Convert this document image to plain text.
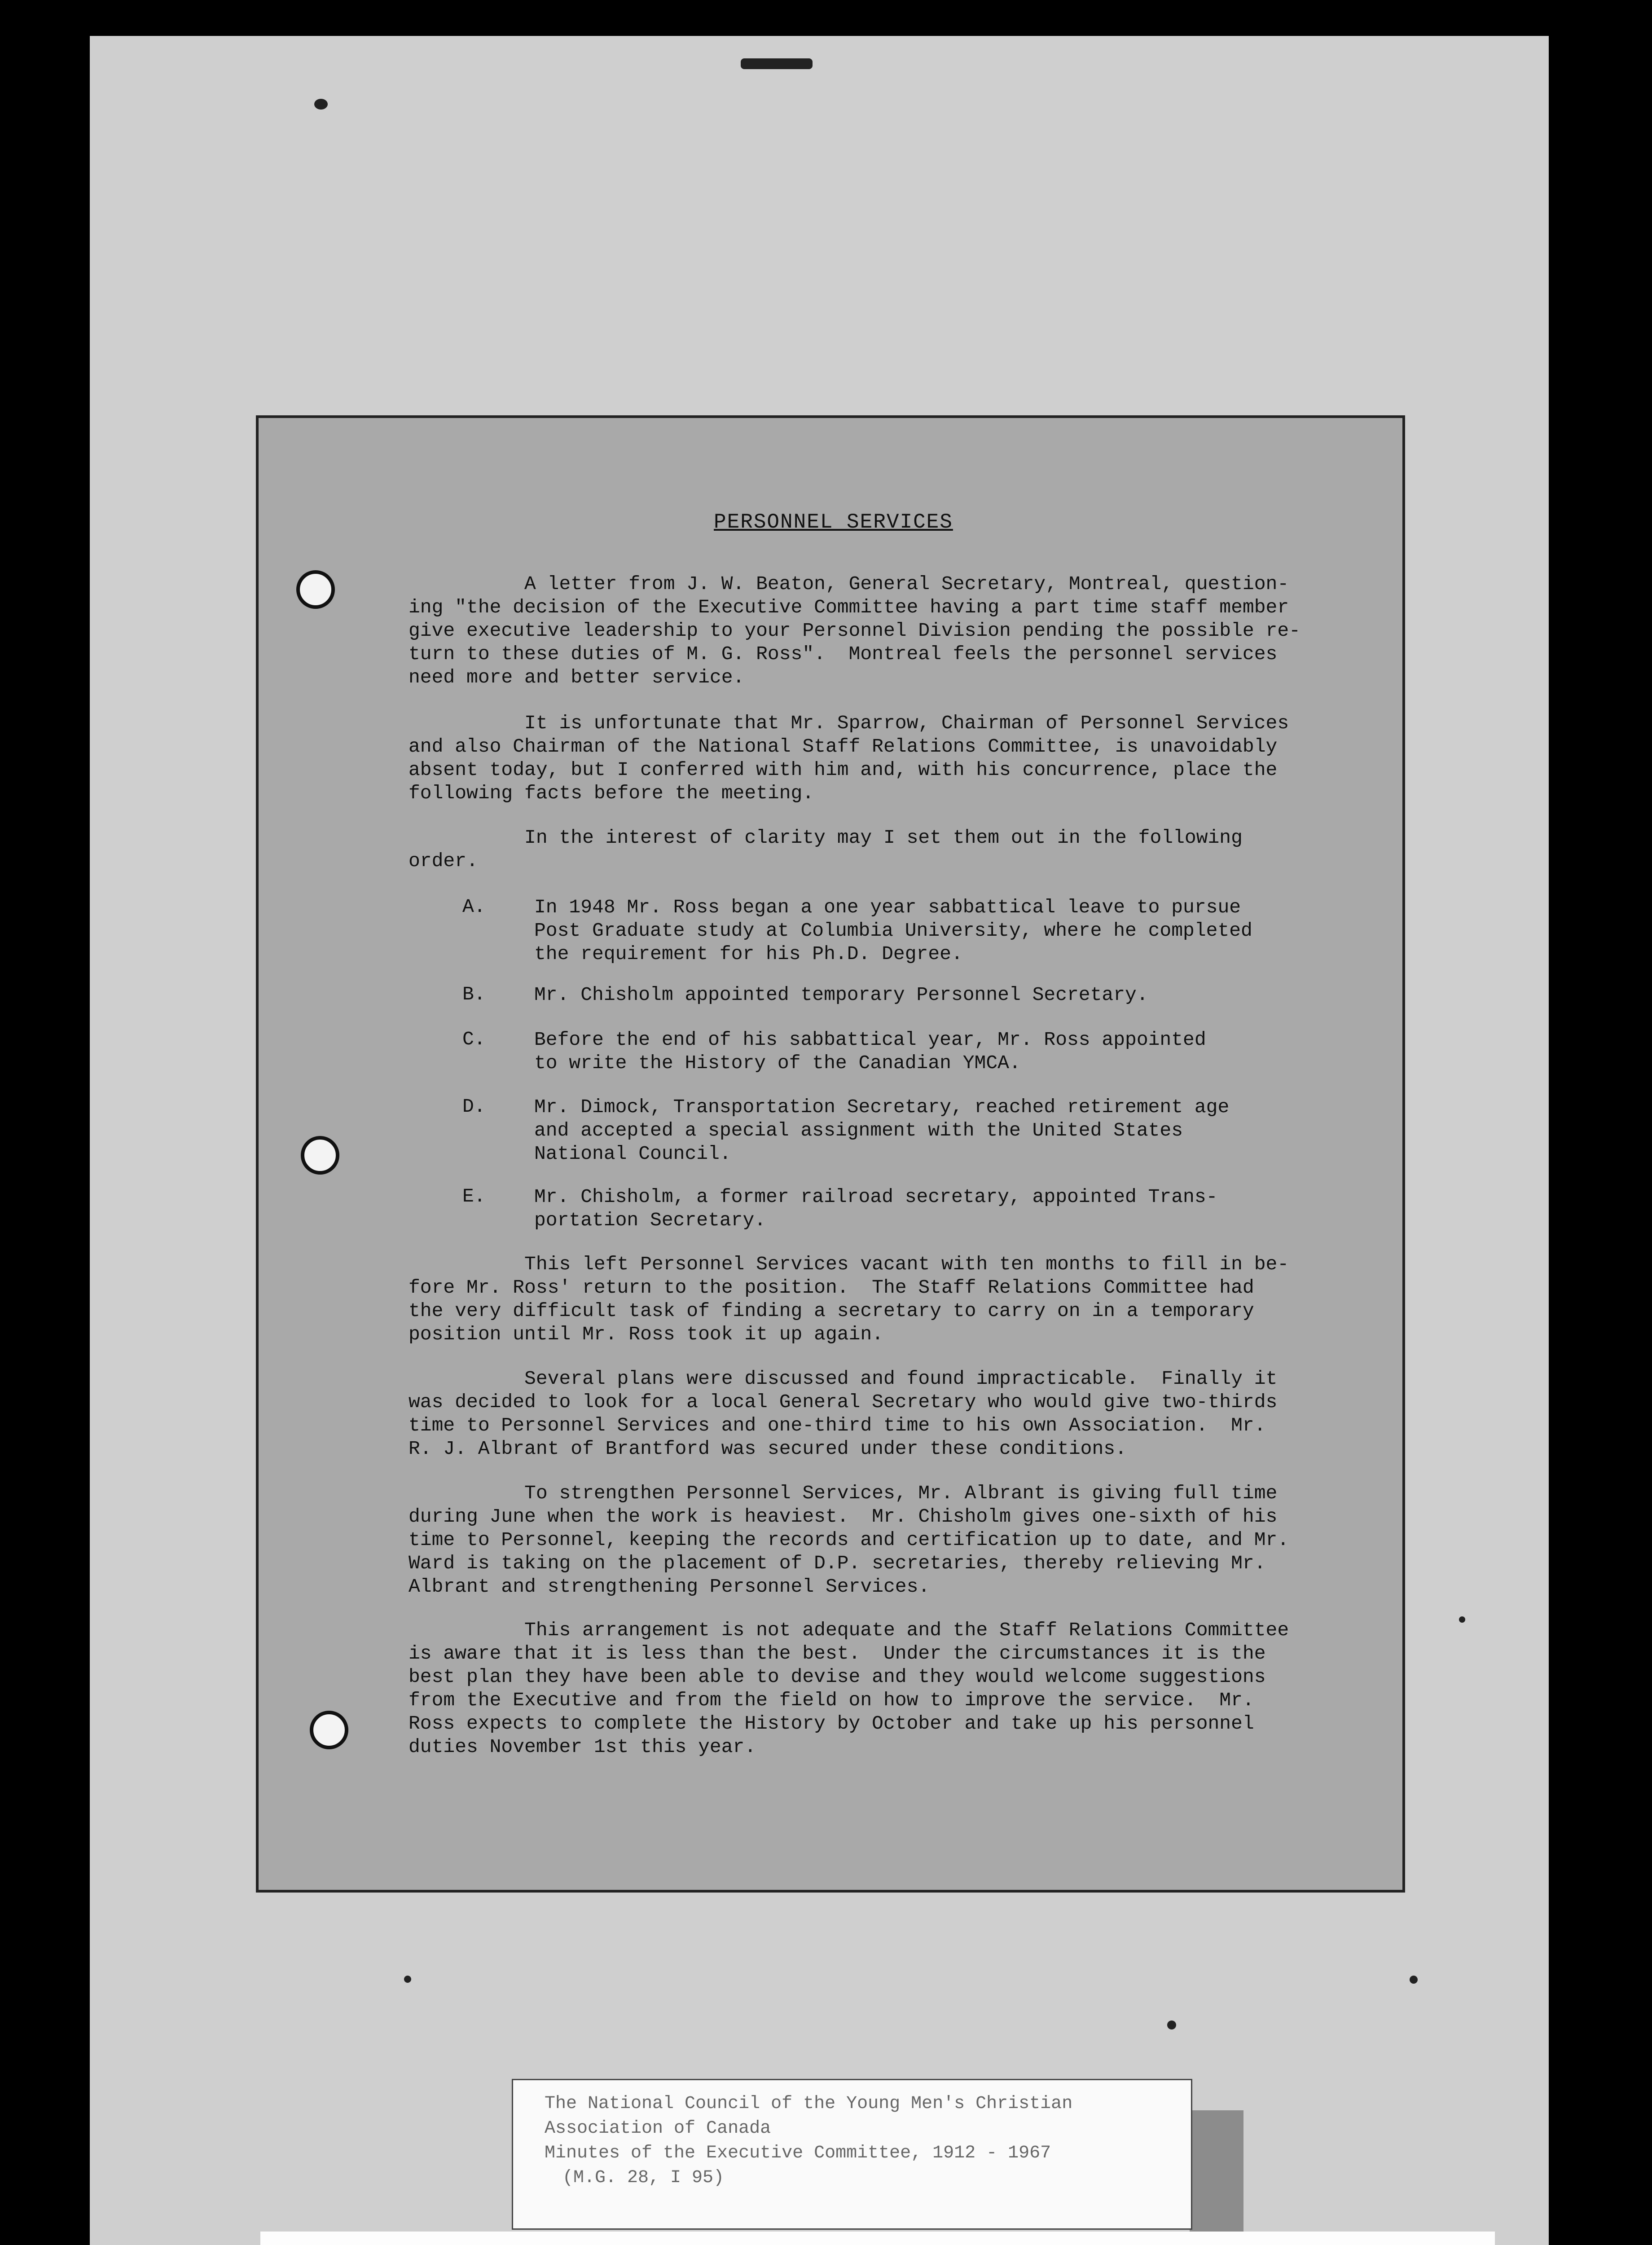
PERSONNEL SERVICES

A letter from J. W. Beaton, General Secretary, Montreal, question-
ing "the decision of the Executive Committee having a part time staff member
give executive leadership to your Personnel Division pending the possible re-
turn to these duties of M. G. Ross".  Montreal feels the personnel services
need more and better service.

It is unfortunate that Mr. Sparrow, Chairman of Personnel Services
and also Chairman of the National Staff Relations Committee, is unavoidably
absent today, but I conferred with him and, with his concurrence, place the
following facts before the meeting.

In the interest of clarity may I set them out in the following
order.

A.	In 1948 Mr. Ross began a one year sabbattical leave to pursue
Post Graduate study at Columbia University, where he completed
the requirement for his Ph.D. Degree.

B.	Mr. Chisholm appointed temporary Personnel Secretary.

C.	Before the end of his sabbattical year, Mr. Ross appointed
to write the History of the Canadian YMCA.

D.	Mr. Dimock, Transportation Secretary, reached retirement age
and accepted a special assignment with the United States
National Council.

E.	Mr. Chisholm, a former railroad secretary, appointed Trans-
portation Secretary.

This left Personnel Services vacant with ten months to fill in be-
fore Mr. Ross' return to the position.  The Staff Relations Committee had
the very difficult task of finding a secretary to carry on in a temporary
position until Mr. Ross took it up again.

Several plans were discussed and found impracticable.  Finally it
was decided to look for a local General Secretary who would give two-thirds
time to Personnel Services and one-third time to his own Association.  Mr.
R. J. Albrant of Brantford was secured under these conditions.

To strengthen Personnel Services, Mr. Albrant is giving full time
during June when the work is heaviest.  Mr. Chisholm gives one-sixth of his
time to Personnel, keeping the records and certification up to date, and Mr.
Ward is taking on the placement of D.P. secretaries, thereby relieving Mr.
Albrant and strengthening Personnel Services.

This arrangement is not adequate and the Staff Relations Committee
is aware that it is less than the best.  Under the circumstances it is the
best plan they have been able to devise and they would welcome suggestions
from the Executive and from the field on how to improve the service.  Mr.
Ross expects to complete the History by October and take up his personnel
duties November 1st this year.

The National Council of the Young Men's Christian

Association of Canada

Minutes of the Executive Committee, 1912 - 1967

(M.G. 28, I 95)
